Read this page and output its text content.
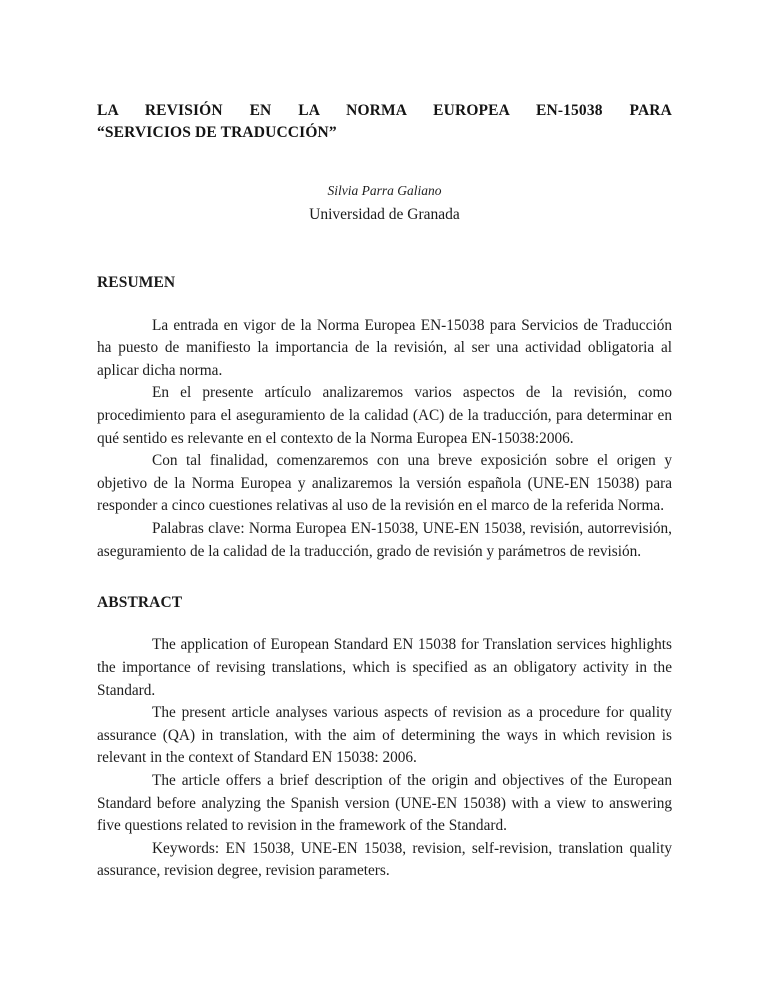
LA REVISIÓN EN LA NORMA EUROPEA EN-15038 PARA
“SERVICIOS DE TRADUCCIÓN”
Silvia Parra Galiano
Universidad de Granada
RESUMEN

La entrada en vigor de la Norma Europea EN-15038 para Servicios de Traducción ha puesto de manifiesto la importancia de la revisión, al ser una actividad obligatoria al aplicar dicha norma.

En el presente artículo analizaremos varios aspectos de la revisión, como procedimiento para el aseguramiento de la calidad (AC) de la traducción, para determinar en qué sentido es relevante en el contexto de la Norma Europea EN-15038:2006.

Con tal finalidad, comenzaremos con una breve exposición sobre el origen y objetivo de la Norma Europea y analizaremos la versión española (UNE-EN 15038) para responder a cinco cuestiones relativas al uso de la revisión en el marco de la referida Norma.

Palabras clave: Norma Europea EN-15038, UNE-EN 15038, revisión, autorrevisión, aseguramiento de la calidad de la traducción, grado de revisión y parámetros de revisión.

ABSTRACT

The application of European Standard EN 15038 for Translation services highlights the importance of revising translations, which is specified as an obligatory activity in the Standard.

The present article analyses various aspects of revision as a procedure for quality assurance (QA) in translation, with the aim of determining the ways in which revision is relevant in the context of Standard EN 15038: 2006.

The article offers a brief description of the origin and objectives of the European Standard before analyzing the Spanish version (UNE-EN 15038) with a view to answering five questions related to revision in the framework of the Standard.

Keywords: EN 15038, UNE-EN 15038, revision, self-revision, translation quality assurance, revision degree, revision parameters.
